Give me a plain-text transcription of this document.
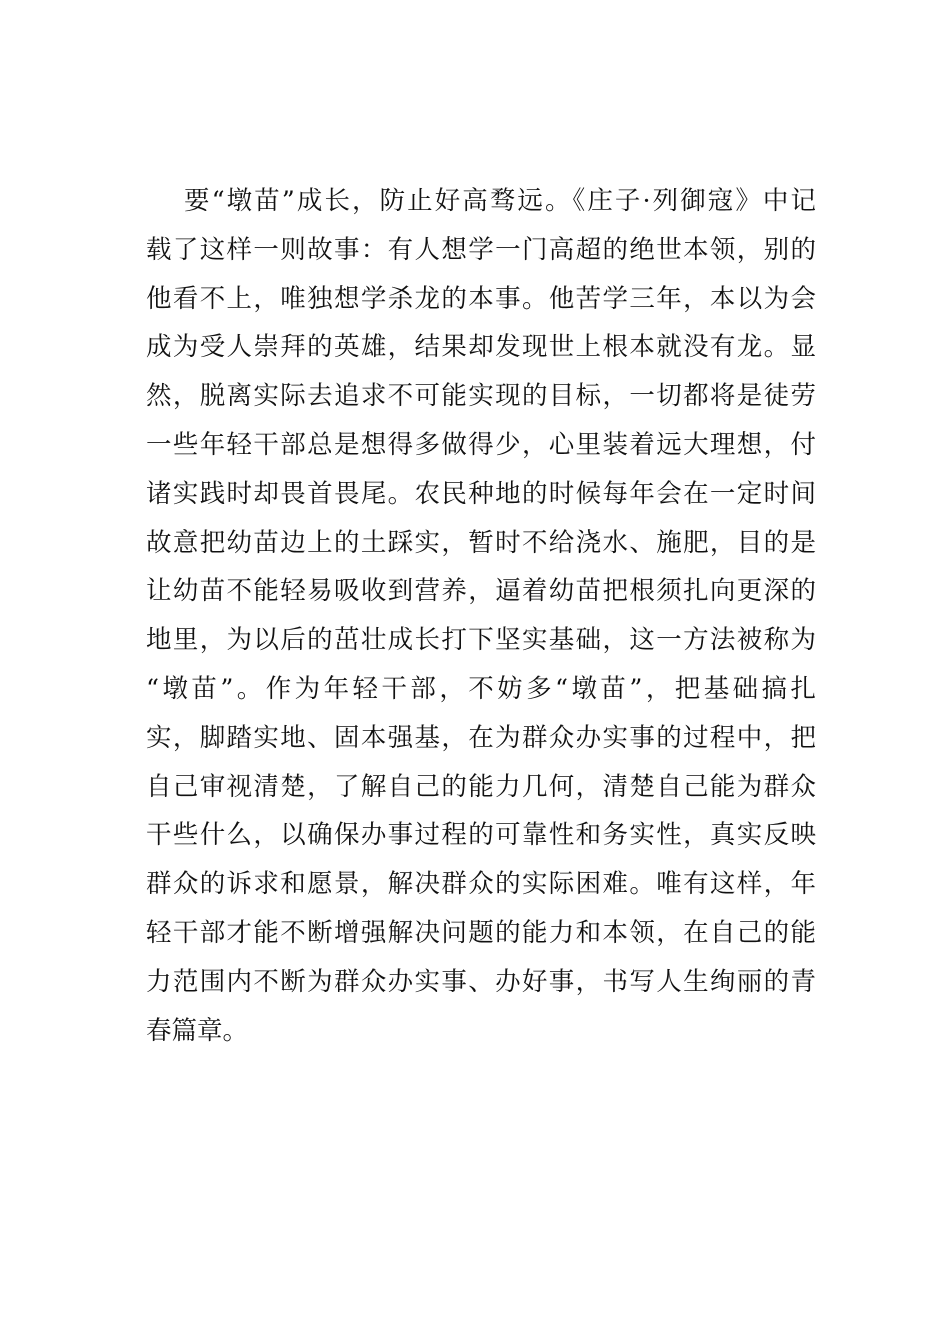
要“墩苗”成长，防止好高骛远。《庄子·列御寇》中记
载了这样一则故事：有人想学一门高超的绝世本领，别的
他看不上，唯独想学杀龙的本事。他苦学三年，本以为会
成为受人崇拜的英雄，结果却发现世上根本就没有龙。显
然，脱离实际去追求不可能实现的目标，一切都将是徒劳
一些年轻干部总是想得多做得少，心里装着远大理想，付
诸实践时却畏首畏尾。农民种地的时候每年会在一定时间
故意把幼苗边上的土踩实，暂时不给浇水、施肥，目的是
让幼苗不能轻易吸收到营养，逼着幼苗把根须扎向更深的
地里，为以后的茁壮成长打下坚实基础，这一方法被称为
“墩苗”。作为年轻干部，不妨多“墩苗”，把基础搞扎
实，脚踏实地、固本强基，在为群众办实事的过程中，把
自己审视清楚，了解自己的能力几何，清楚自己能为群众
干些什么，以确保办事过程的可靠性和务实性，真实反映
群众的诉求和愿景，解决群众的实际困难。唯有这样，年
轻干部才能不断增强解决问题的能力和本领，在自己的能
力范围内不断为群众办实事、办好事，书写人生绚丽的青
春篇章。
